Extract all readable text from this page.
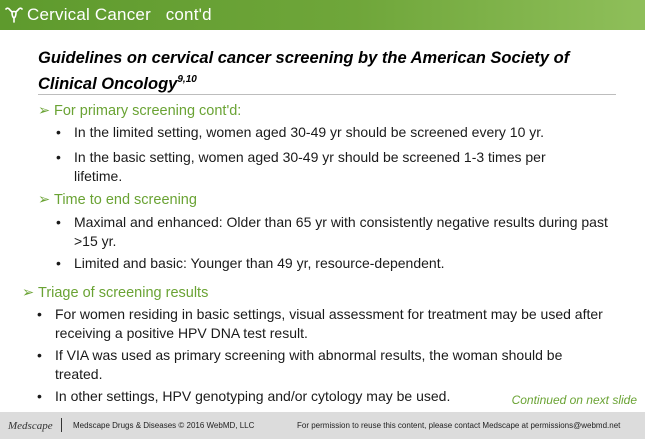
Cervical Cancer   cont'd
Guidelines on cervical cancer screening by the American Society of Clinical Oncology$^{9,10}$
➢ For primary screening cont'd:
• In the limited setting, women aged 30-49 yr should be screened every 10 yr.
• In the basic setting, women aged 30-49 yr should be screened 1-3 times per lifetime.
➢ Time to end screening
• Maximal and enhanced: Older than 65 yr with consistently negative results during past >15 yr.
• Limited and basic: Younger than 49 yr, resource-dependent.
➢ Triage of screening results
• For women residing in basic settings, visual assessment for treatment may be used after receiving a positive HPV DNA test result.
• If VIA was used as primary screening with abnormal results, the woman should be treated.
• In other settings, HPV genotyping and/or cytology may be used.	Continued on next slide
Medscape	Medscape Drugs & Diseases © 2016 WebMD, LLC	For permission to reuse this content, please contact Medscape at permissions@webmd.net
